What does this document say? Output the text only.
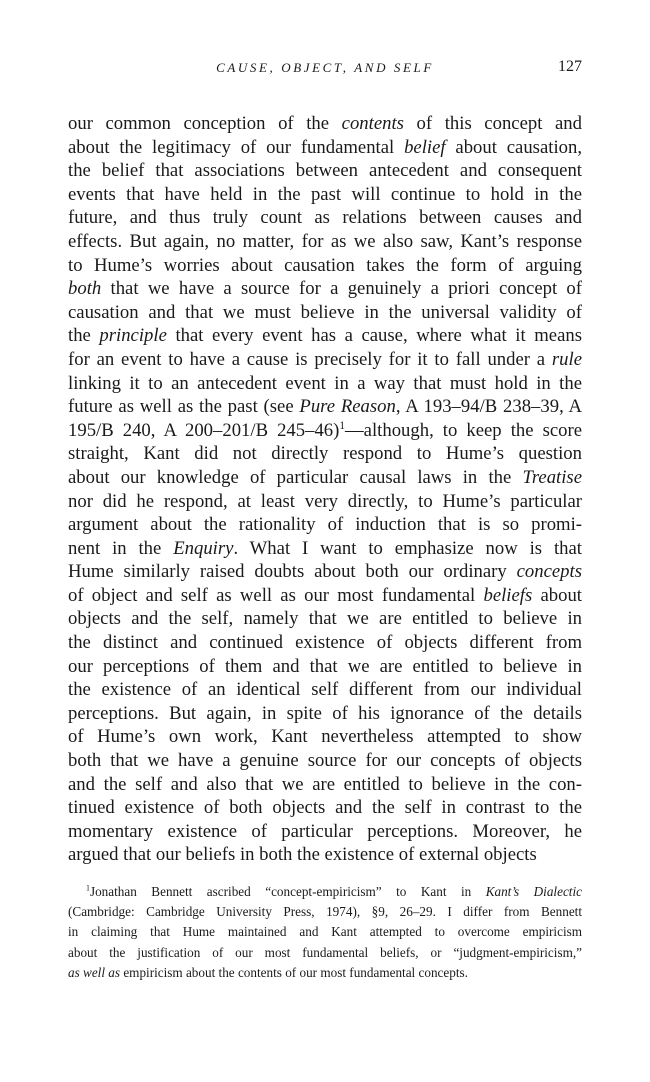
CAUSE, OBJECT, AND SELF	127
our common conception of the contents of this concept and
about the legitimacy of our fundamental belief about causation,
the belief that associations between antecedent and consequent
events that have held in the past will continue to hold in the
future, and thus truly count as relations between causes and
effects. But again, no matter, for as we also saw, Kant’s response
to Hume’s worries about causation takes the form of arguing
both that we have a source for a genuinely a priori concept of
causation and that we must believe in the universal validity of
the principle that every event has a cause, where what it means
for an event to have a cause is precisely for it to fall under a rule
linking it to an antecedent event in a way that must hold in the
future as well as the past (see Pure Reason, A 193–94/B 238–39, A
195/B 240, A 200–201/B 245–46)$^1$—although, to keep the score
straight, Kant did not directly respond to Hume’s question
about our knowledge of particular causal laws in the Treatise
nor did he respond, at least very directly, to Hume’s particular
argument about the rationality of induction that is so promi-
nent in the Enquiry. What I want to emphasize now is that
Hume similarly raised doubts about both our ordinary concepts
of object and self as well as our most fundamental beliefs about
objects and the self, namely that we are entitled to believe in
the distinct and continued existence of objects different from
our perceptions of them and that we are entitled to believe in
the existence of an identical self different from our individual
perceptions. But again, in spite of his ignorance of the details
of Hume’s own work, Kant nevertheless attempted to show
both that we have a genuine source for our concepts of objects
and the self and also that we are entitled to believe in the con-
tinued existence of both objects and the self in contrast to the
momentary existence of particular perceptions. Moreover, he
argued that our beliefs in both the existence of external objects
$^1$Jonathan Bennett ascribed “concept-empiricism” to Kant in Kant’s Dialectic
(Cambridge: Cambridge University Press, 1974), §9, 26–29. I differ from Bennett
in claiming that Hume maintained and Kant attempted to overcome empiricism
about the justification of our most fundamental beliefs, or “judgment-empiricism,”
as well as empiricism about the contents of our most fundamental concepts.
